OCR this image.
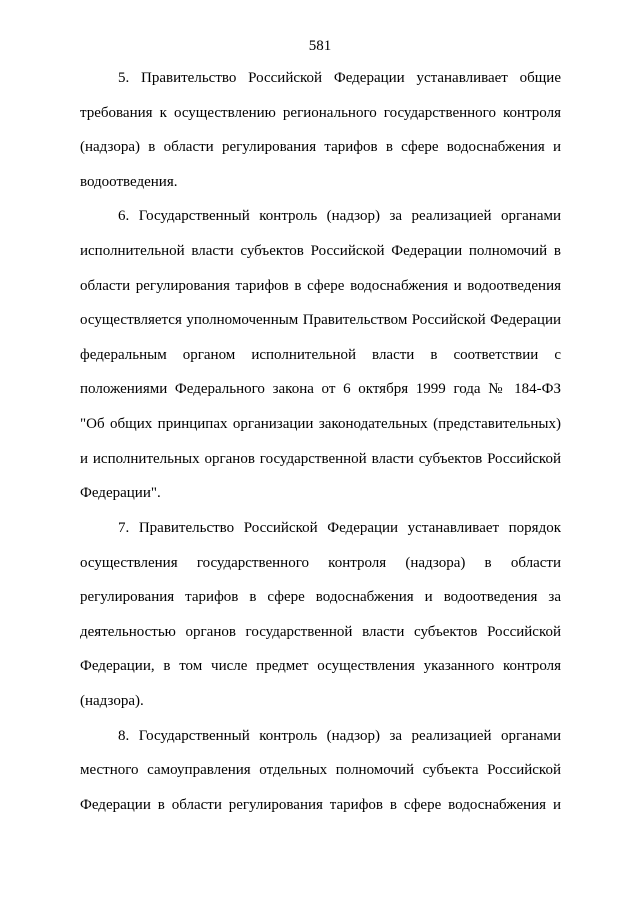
581
5. Правительство Российской Федерации устанавливает общие
требования к осуществлению регионального государственного контроля
(надзора) в области регулирования тарифов в сфере водоснабжения и
водоотведения.
6. Государственный контроль (надзор) за реализацией органами
исполнительной власти субъектов Российской Федерации полномочий в
области регулирования тарифов в сфере водоснабжения и водоотведения
осуществляется уполномоченным Правительством Российской Федерации
федеральным органом исполнительной власти в соответствии с
положениями Федерального закона от 6 октября 1999 года № 184-ФЗ
"Об общих принципах организации законодательных (представительных)
и исполнительных органов государственной власти субъектов Российской
Федерации".
7. Правительство Российской Федерации устанавливает порядок
осуществления государственного контроля (надзора) в области
регулирования тарифов в сфере водоснабжения и водоотведения за
деятельностью органов государственной власти субъектов Российской
Федерации, в том числе предмет осуществления указанного контроля
(надзора).
8. Государственный контроль (надзор) за реализацией органами
местного самоуправления отдельных полномочий субъекта Российской
Федерации в области регулирования тарифов в сфере водоснабжения и
